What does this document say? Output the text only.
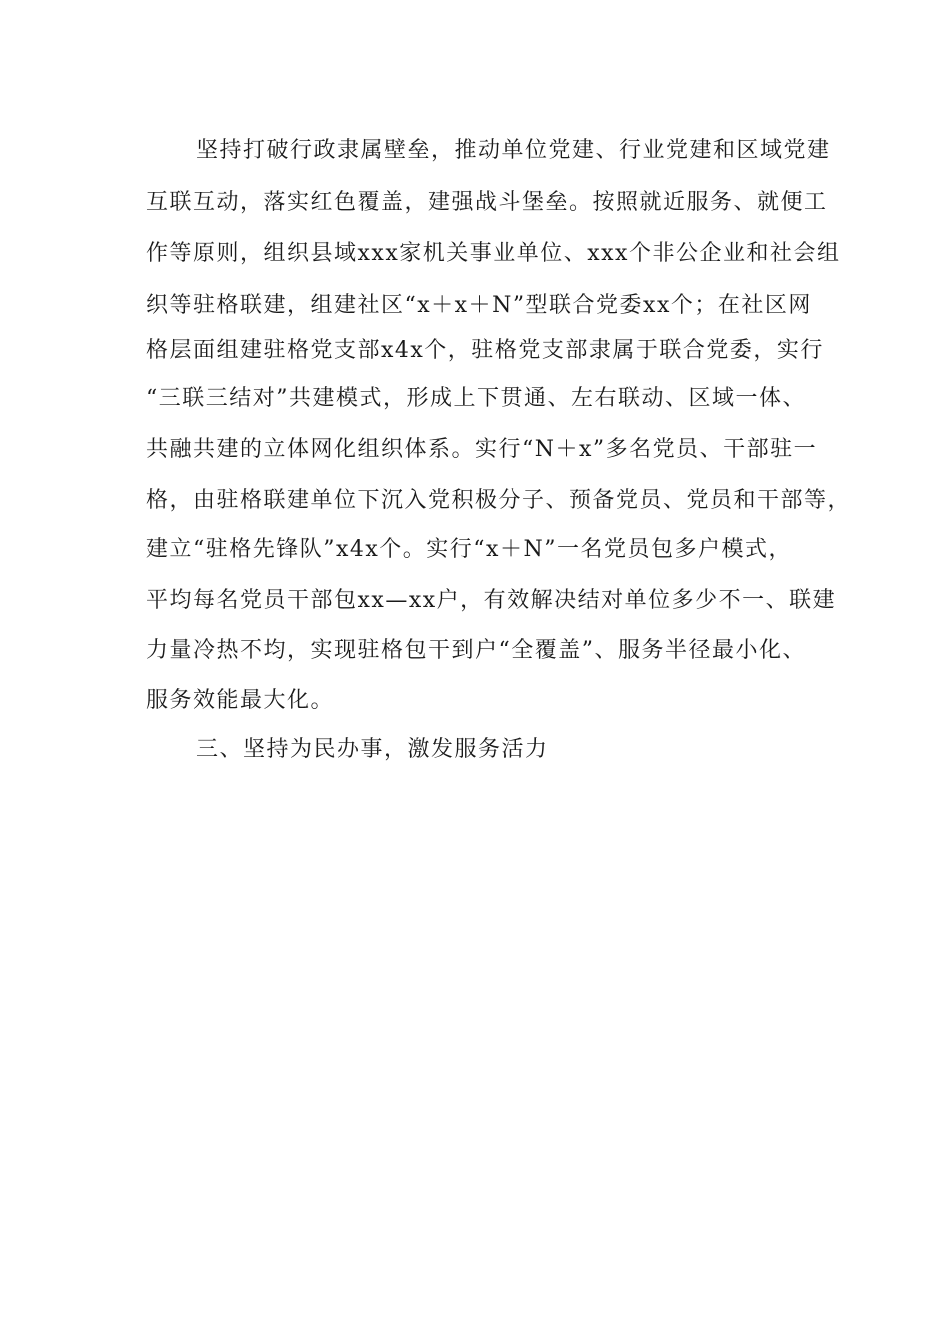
坚持打破行政隶属壁垒，推动单位党建、行业党建和区域党建
互联互动，落实红色覆盖，建强战斗堡垒。按照就近服务、就便工
作等原则，组织县域xxx家机关事业单位、xxx个非公企业和社会组
织等驻格联建，组建社区“x＋x＋N”型联合党委xx个；在社区网
格层面组建驻格党支部x4x个，驻格党支部隶属于联合党委，实行
“三联三结对”共建模式，形成上下贯通、左右联动、区域一体、
共融共建的立体网化组织体系。实行“N＋x”多名党员、干部驻一
格，由驻格联建单位下沉入党积极分子、预备党员、党员和干部等，
建立“驻格先锋队”x4x个。实行“x＋N”一名党员包多户模式，
平均每名党员干部包xx—xx户，有效解决结对单位多少不一、联建
力量冷热不均，实现驻格包干到户“全覆盖”、服务半径最小化、
服务效能最大化。
三、坚持为民办事，激发服务活力
